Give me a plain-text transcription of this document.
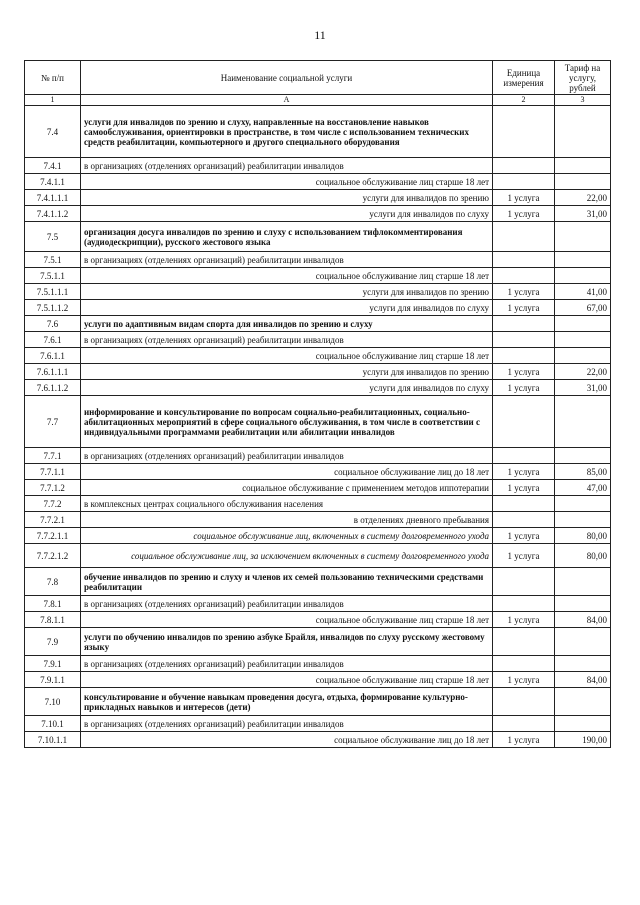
11
№ п/п	Наименование социальной услуги	Единица измерения	Тариф на услугу, рублей
1	A	2	3
7.4	услуги для инвалидов по зрению и слуху, направленные на восстановление навыков самообслуживания, ориентировки в пространстве, в том числе с использованием технических средств реабилитации, компьютерного и другого специального оборудования		
7.4.1	в организациях (отделениях организаций) реабилитации инвалидов		
7.4.1.1	социальное обслуживание лиц старше 18 лет		
7.4.1.1.1	услуги для инвалидов по зрению	1 услуга	22,00
7.4.1.1.2	услуги для инвалидов по слуху	1 услуга	31,00
7.5	организация досуга инвалидов по зрению и слуху с использованием тифлокомментирования (аудиодескрипции), русского жестового языка		
7.5.1	в организациях (отделениях организаций) реабилитации инвалидов		
7.5.1.1	социальное обслуживание лиц старше 18 лет		
7.5.1.1.1	услуги для инвалидов по зрению	1 услуга	41,00
7.5.1.1.2	услуги для инвалидов по слуху	1 услуга	67,00
7.6	услуги по адаптивным видам спорта для инвалидов по зрению и слуху		
7.6.1	в организациях (отделениях организаций) реабилитации инвалидов		
7.6.1.1	социальное обслуживание лиц старше 18 лет		
7.6.1.1.1	услуги для инвалидов по зрению	1 услуга	22,00
7.6.1.1.2	услуги для инвалидов по слуху	1 услуга	31,00
7.7	информирование и консультирование по вопросам социально-реабилитационных, социально-абилитационных мероприятий в сфере социального обслуживания, в том числе в соответствии с индивидуальными программами реабилитации или абилитации инвалидов		
7.7.1	в организациях (отделениях организаций) реабилитации инвалидов		
7.7.1.1	социальное обслуживание лиц до 18 лет	1 услуга	85,00
7.7.1.2	социальное обслуживание с применением методов иппотерапии	1 услуга	47,00
7.7.2	в комплексных центрах социального обслуживания населения		
7.7.2.1	в отделениях дневного пребывания		
7.7.2.1.1	социальное обслуживание лиц, включенных в систему долговременного ухода	1 услуга	80,00
7.7.2.1.2	социальное обслуживание лиц, за исключением включенных в систему долговременного ухода	1 услуга	80,00
7.8	обучение инвалидов по зрению и слуху и членов их семей пользованию техническими средствами реабилитации		
7.8.1	в организациях (отделениях организаций) реабилитации инвалидов		
7.8.1.1	социальное обслуживание лиц старше 18 лет	1 услуга	84,00
7.9	услуги по обучению инвалидов по зрению азбуке Брайля, инвалидов по слуху русскому жестовому языку		
7.9.1	в организациях (отделениях организаций) реабилитации инвалидов		
7.9.1.1	социальное обслуживание лиц старше 18 лет	1 услуга	84,00
7.10	консультирование и обучение навыкам проведения досуга, отдыха, формирование культурно-прикладных навыков и интересов (дети)		
7.10.1	в организациях (отделениях организаций) реабилитации инвалидов		
7.10.1.1	социальное обслуживание лиц до 18 лет	1 услуга	190,00
